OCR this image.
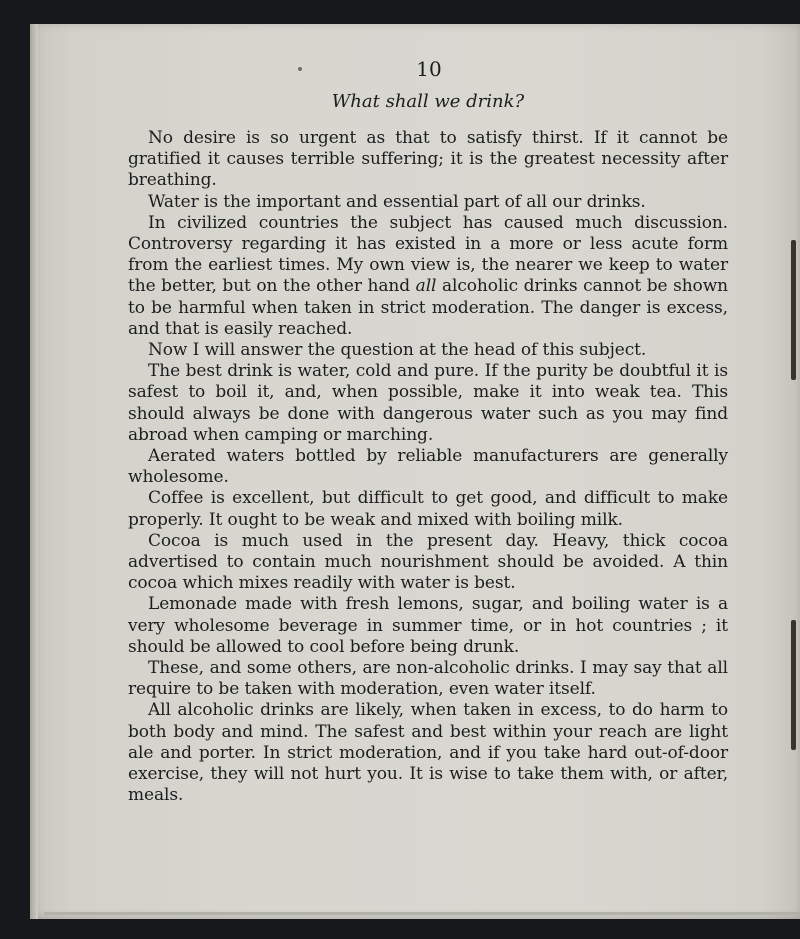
10
What shall we drink?

No desire is so urgent as that to satisfy thirst. If it cannot be gratified it causes terrible suffering; it is the greatest necessity after breathing.

Water is the important and essential part of all our drinks.

In civilized countries the subject has caused much discussion. Controversy regarding it has existed in a more or less acute form from the earliest times. My own view is, the nearer we keep to water the better, but on the other hand all alcoholic drinks cannot be shown to be harmful when taken in strict moderation. The danger is excess, and that is easily reached.

Now I will answer the question at the head of this subject.

The best drink is water, cold and pure. If the purity be doubtful it is safest to boil it, and, when possible, make it into weak tea. This should always be done with dangerous water such as you may find abroad when camping or marching.

Aerated waters bottled by reliable manufacturers are generally wholesome.

Coffee is excellent, but difficult to get good, and difficult to make properly. It ought to be weak and mixed with boiling milk.

Cocoa is much used in the present day. Heavy, thick cocoa advertised to contain much nourishment should be avoided. A thin cocoa which mixes readily with water is best.

Lemonade made with fresh lemons, sugar, and boiling water is a very wholesome beverage in summer time, or in hot countries ; it should be allowed to cool before being drunk.

These, and some others, are non-alcoholic drinks. I may say that all require to be taken with moderation, even water itself.

All alcoholic drinks are likely, when taken in excess, to do harm to both body and mind. The safest and best within your reach are light ale and porter. In strict moderation, and if you take hard out-of-door exercise, they will not hurt you. It is wise to take them with, or after, meals.
